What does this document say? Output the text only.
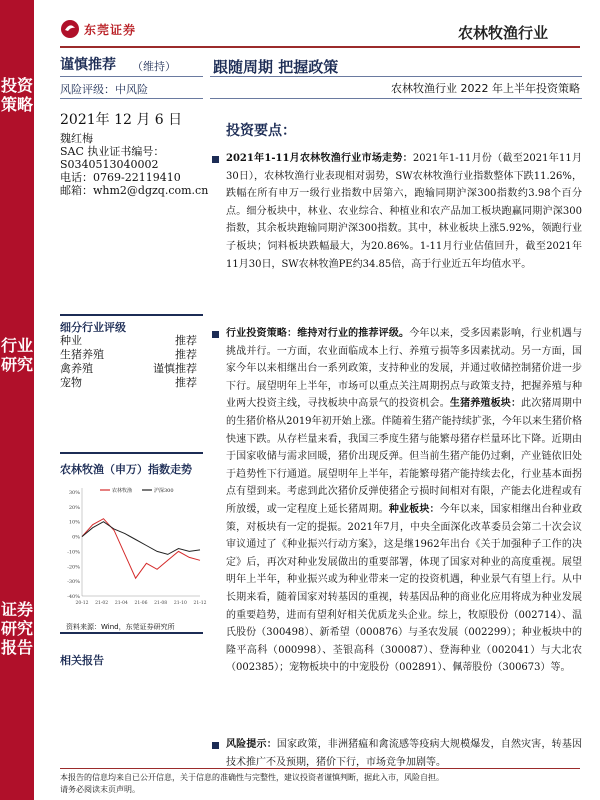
东莞证券	农林牧渔行业
投资策略
行业研究
证券研究报告
谨慎推荐 （维持）
风险评级：中风险
2021年 12 月 6 日
魏红梅
SAC 执业证书编号：
S0340513040002
电话：0769-22119410
邮箱：whm2@dgzq.com.cn
细分行业评级
种业	推荐
生猪养殖	推荐
禽养殖	谨慎推荐
宠物	推荐
农林牧渔（申万）指数走势
30%
20%
10%
0%
-10%
-20%
-30%
-40%
20-12 21-02 21-04 21-06 21-08 21-10 21-12
农林牧渔	沪深300
资料来源：Wind，东莞证券研究所
相关报告
跟随周期 把握政策
农林牧渔行业 2022 年上半年投资策略
投资要点：
2021年1-11月农林牧渔行业市场走势：2021年1-11月份（截至2021年11月30日），农林牧渔行业表现相对弱势，SW农林牧渔行业指数整体下跌11.26%，跌幅在所有申万一级行业指数中居第六，跑输同期沪深300指数约3.98个百分点。细分板块中，林业、农业综合、种植业和农产品加工板块跑赢同期沪深300指数，其余板块跑输同期沪深300指数。其中，林业板块上涨5.92%，领跑行业子板块；饲料板块跌幅最大，为20.86%。1-11月行业估值回升，截至2021年11月30日，SW农林牧渔PE约34.85倍，高于行业近五年均值水平。
行业投资策略：维持对行业的推荐评级。今年以来，受多因素影响，行业机遇与挑战并行。一方面，农业面临成本上行、养殖亏损等多因素扰动。另一方面，国家今年以来相继出台一系列政策，支持种业的发展，并通过收储控制猪价进一步下行。展望明年上半年，市场可以重点关注周期拐点与政策支持，把握养殖与种业两大投资主线，寻找板块中高景气的投资机会。生猪养殖板块：此次猪周期中的生猪价格从2019年初开始上涨。伴随着生猪产能持续扩张，今年以来生猪价格快速下跌。从存栏量来看，我国三季度生猪与能繁母猪存栏量环比下降。近期由于国家收储与需求回暖，猪价出现反弹。但当前生猪产能仍过剩，产业链依旧处于趋势性下行通道。展望明年上半年，若能繁母猪产能持续去化，行业基本面拐点有望到来。考虑到此次猪价反弹使猪企亏损时间相对有限，产能去化进程或有所放缓，或一定程度上延长猪周期。种业板块：今年以来，国家相继出台种业政策，对板块有一定的提振。2021年7月，中央全面深化改革委员会第二十次会议审议通过了《种业振兴行动方案》，这是继1962年出台《关于加强种子工作的决定》后，再次对种业发展做出的重要部署，体现了国家对种业的高度重视。展望明年上半年，种业振兴或为种业带来一定的投资机遇，种业景气有望上行。从中长期来看，随着国家对转基因的重视，转基因品种的商业化应用将成为种业发展的重要趋势，进而有望利好相关优质龙头企业。综上，牧原股份（002714）、温氏股份（300498）、新希望（000876）与圣农发展（002299）；种业板块中的隆平高科（000998）、荃银高科（300087）、登海种业（002041）与大北农（002385）；宠物板块中的中宠股份（002891）、佩蒂股份（300673）等。
风险提示：国家政策，非洲猪瘟和禽流感等疫病大规模爆发，自然灾害，转基因技术推广不及预期，猪价下行，市场竞争加剧等。
本报告的信息均来自已公开信息，关于信息的准确性与完整性，建议投资者谨慎判断，据此入市，风险自担。
请务必阅读末页声明。
